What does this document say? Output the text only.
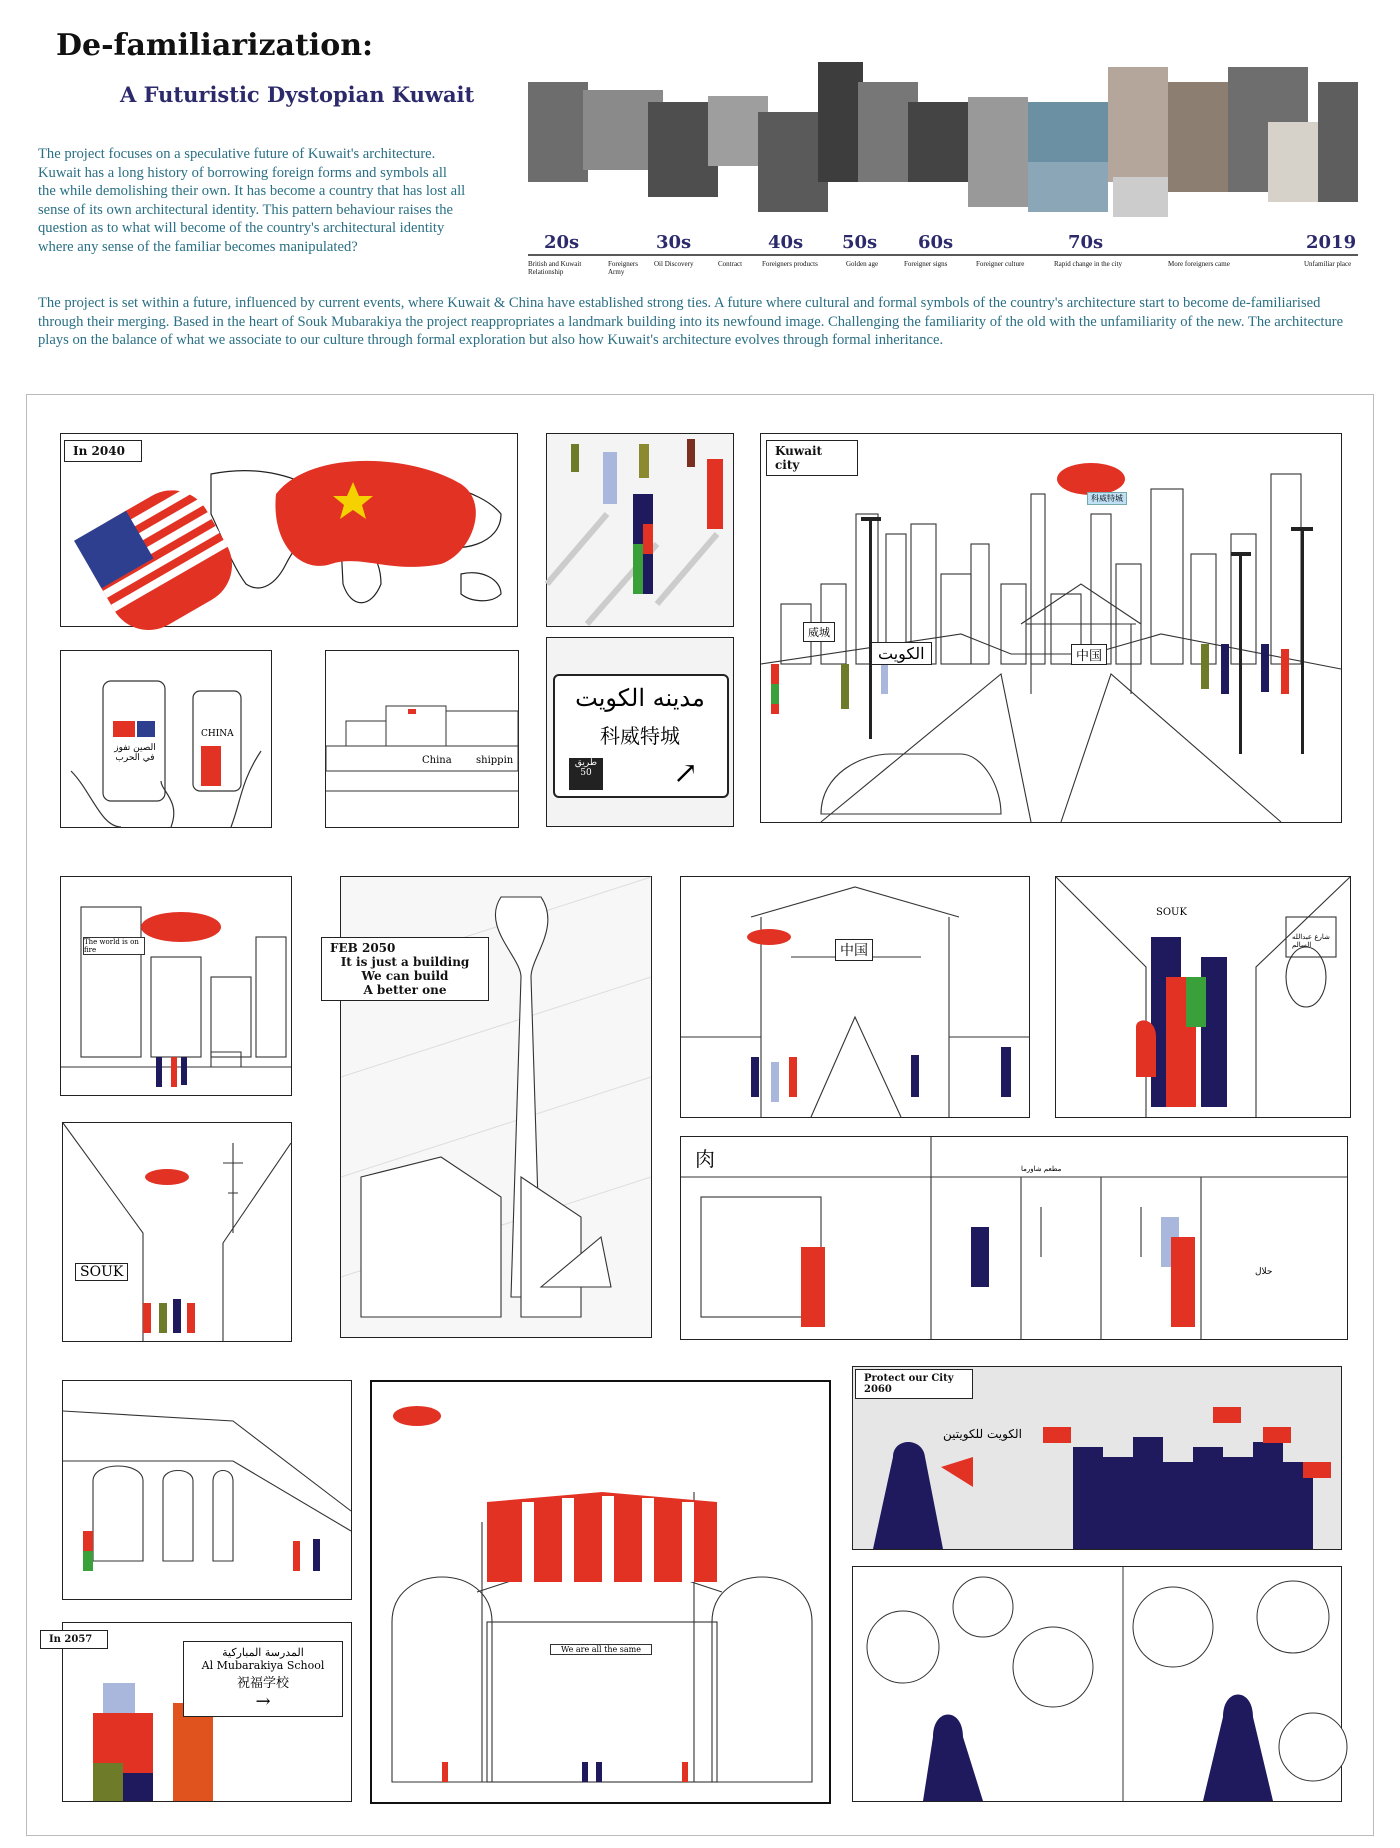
De-familiarization:
A Futuristic Dystopian Kuwait
The project focuses on a speculative future of Kuwait's architecture. Kuwait has a long history of borrowing foreign forms and symbols all the while demolishing their own. It has become a country that has lost all sense of its own architectural identity. This pattern behaviour raises the question as to what will become of the country's architectural identity where any sense of the familiar becomes manipulated?
The project is set within a future, influenced by current events, where Kuwait & China have established strong ties. A future where cultural and formal symbols of the country's architecture start to become de-familiarised through their merging. Based in the heart of Souk Mubarakiya the project reappropriates a landmark building into its newfound image. Challenging the familiarity of the old with the unfamiliarity of the new. The architecture plays on the balance of what we associate to our culture through formal exploration but also how Kuwait's architecture evolves through formal inheritance.
20s	30s	40s 50s 60s	70s	2019
British and Kuwait Relationship
Foreigners Army
Oil Discovery	Contract	Foreigners products	Golden age	Foreigner signs	Foreigner culture	Rapid change in the city	More foreigners came	Unfamiliar place
In 2040
الكويت
威城
中国
科威特城
Kuwait city
الصين تفوز في الحرب
CHINA
China shippin
مدينه الكويت
科威特城
طريق
50	↗
The world is on fire	FEB 2050
It is just a building
We can build
A better one
中国
SOUK
شارع عبدالله السالم
SOUK
肉	مطعم شاورما
حلال
We are all the same
Protect our City 2060
الكويت للكويتين
المدرسة المباركية
Al Mubarakiya School
祝福学校
→
In 2057
